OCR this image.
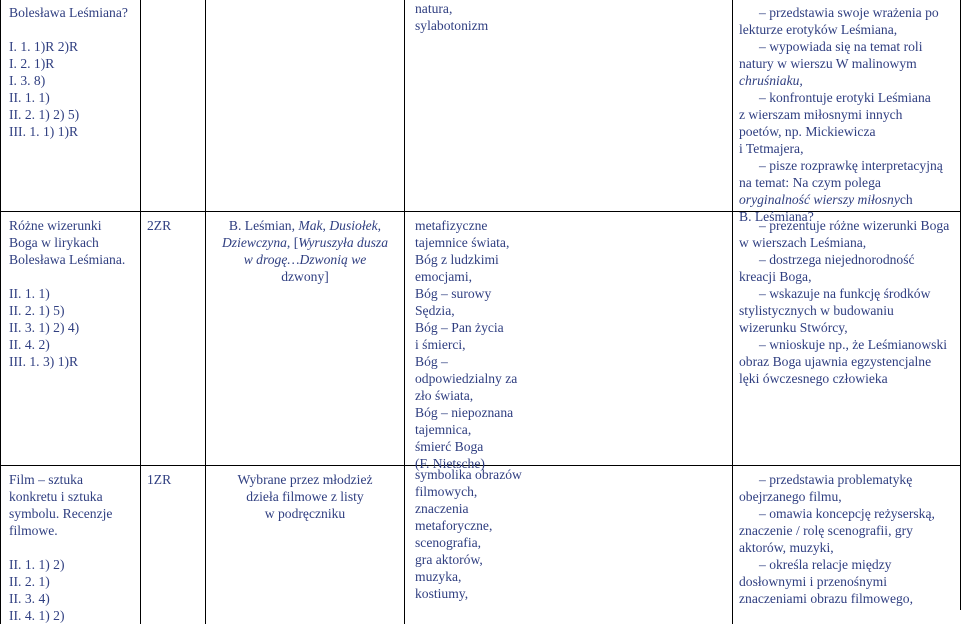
Bolesława Leśmiana?
I. 1. 1)R 2)R
I. 2. 1)R
I. 3. 8)
II. 1. 1)
II. 2. 1) 2) 5)
III. 1. 1) 1)R
natura,
sylabotonizm
– przedstawia swoje wrażenia po
lekturze erotyków Leśmiana,
– wypowiada się na temat roli
natury w wierszu W malinowym
chruśniaku,
– konfrontuje erotyki Leśmiana
z wierszam miłosnymi innych
poetów, np. Mickiewicza
i Tetmajera,
– pisze rozprawkę interpretacyjną
na temat: Na czym polega
oryginalność wierszy miłosnych
B. Leśmiana?
Różne wizerunki
Boga w lirykach
Bolesława Leśmiana.
II. 1. 1)
II. 2. 1) 5)
II. 3. 1) 2) 4)
II. 4. 2)
III. 1. 3) 1)R
2ZR	B. Leśmian, Mak, Dusiołek,
Dziewczyna, [Wyruszyła dusza
w drogę…Dzwonią we
dzwony]
metafizyczne
tajemnice świata,
Bóg z ludzkimi
emocjami,
Bóg – surowy
Sędzia,
Bóg – Pan życia
i śmierci,
Bóg –
odpowiedzialny za
zło świata,
Bóg – niepoznana
tajemnica,
śmierć Boga
(F. Nietsche)
– prezentuje różne wizerunki Boga
w wierszach Leśmiana,
– dostrzega niejednorodność
kreacji Boga,
– wskazuje na funkcję środków
stylistycznych w budowaniu
wizerunku Stwórcy,
– wnioskuje np., że Leśmianowski
obraz Boga ujawnia egzystencjalne
lęki ówczesnego człowieka
Film – sztuka
konkretu i sztuka
symbolu. Recenzje
filmowe.
II. 1. 1) 2)
II. 2. 1)
II. 3. 4)
II. 4. 1) 2)
1ZR	Wybrane przez młodzież
dzieła filmowe z listy
w podręczniku
symbolika obrazów
filmowych,
znaczenia
metaforyczne,
scenografia,
gra aktorów,
muzyka,
kostiumy,
– przedstawia problematykę
obejrzanego filmu,
– omawia koncepcję reżyserską,
znaczenie / rolę scenografii, gry
aktorów, muzyki,
– określa relacje między
dosłownymi i przenośnymi
znaczeniami obrazu filmowego,
